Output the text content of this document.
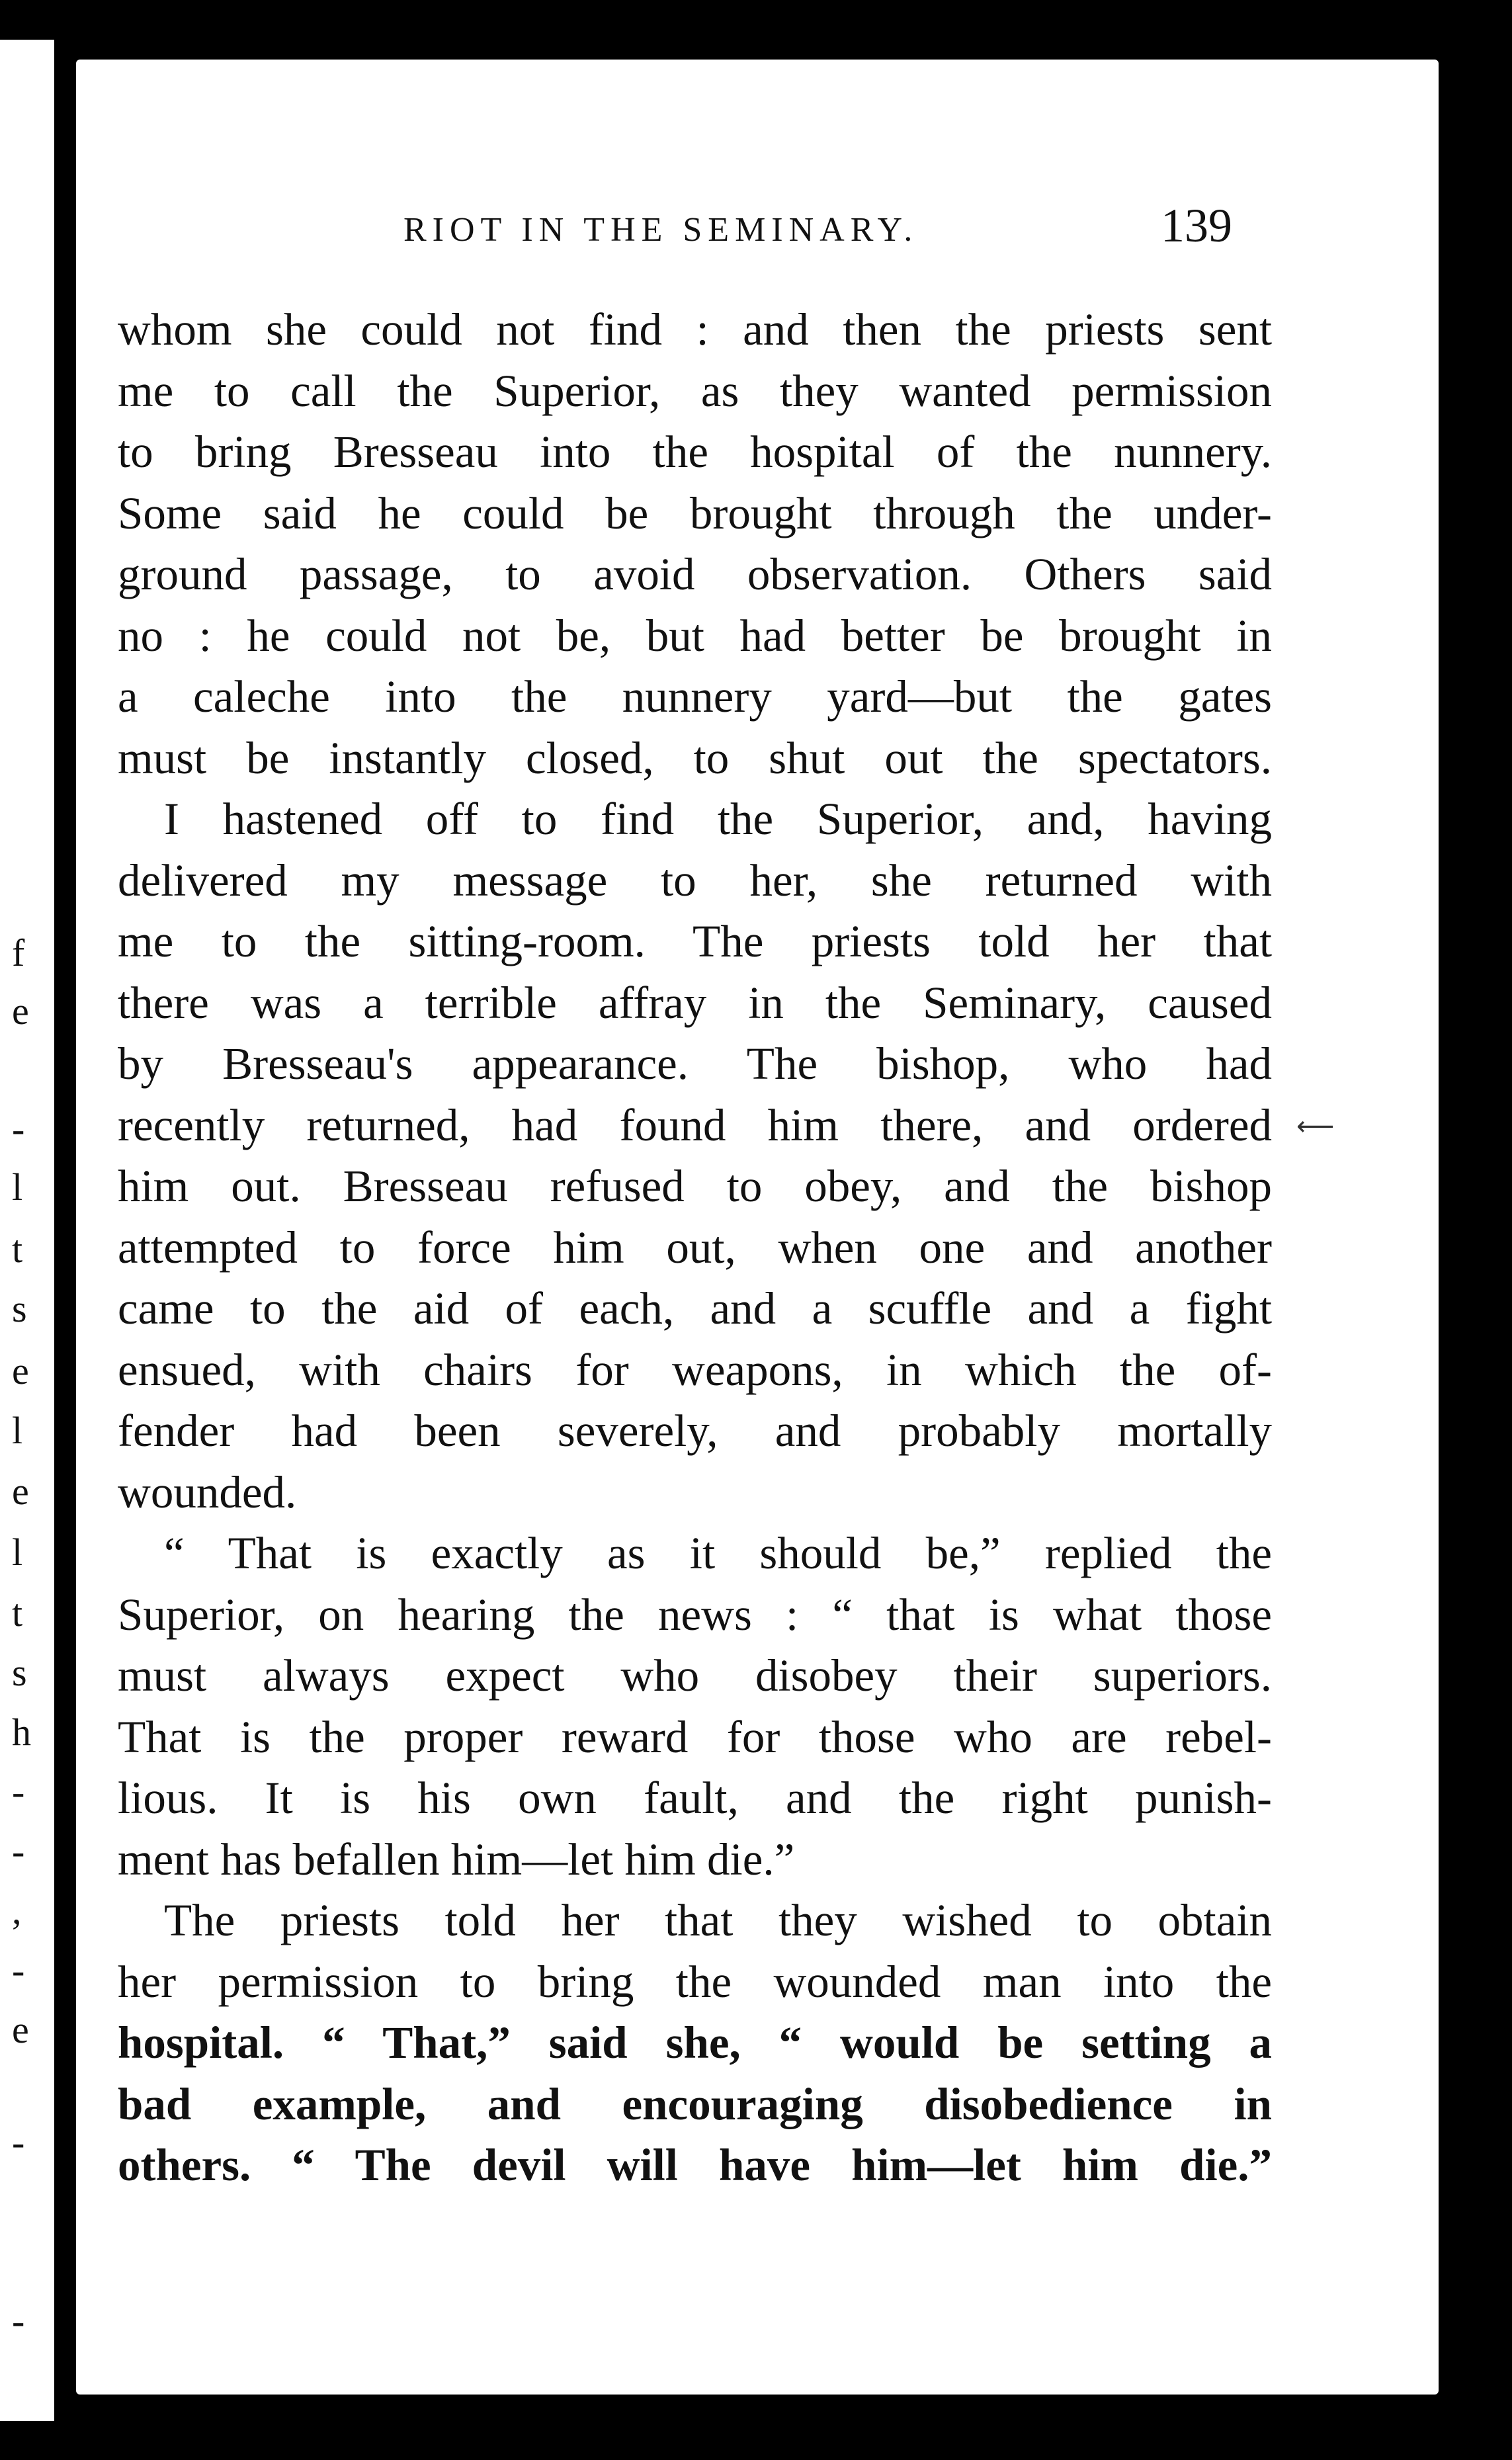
f
e
-
l
t
s
e
l
e
l
t
s
h
-
-
,
-
e
-
-
RIOT IN THE SEMINARY.	139
⟵
whom she could not find : and then the priests sent
me to call the Superior, as they wanted permission
to bring Bresseau into the hospital of the nunnery.
Some said he could be brought through the under-
ground passage, to avoid observation. Others said
no : he could not be, but had better be brought in
a caleche into the nunnery yard—but the gates
must be instantly closed, to shut out the spectators.
I hastened off to find the Superior, and, having
delivered my message to her, she returned with
me to the sitting-room. The priests told her that
there was a terrible affray in the Seminary, caused
by Bresseau's appearance. The bishop, who had
recently returned, had found him there, and ordered
him out. Bresseau refused to obey, and the bishop
attempted to force him out, when one and another
came to the aid of each, and a scuffle and a fight
ensued, with chairs for weapons, in which the of-
fender had been severely, and probably mortally
wounded.
“ That is exactly as it should be,” replied the
Superior, on hearing the news : “ that is what those
must always expect who disobey their superiors.
That is the proper reward for those who are rebel-
lious. It is his own fault, and the right punish-
ment has befallen him—let him die.”
The priests told her that they wished to obtain
her permission to bring the wounded man into the
hospital. “ That,” said she, “ would be setting a
bad example, and encouraging disobedience in
others. “ The devil will have him—let him die.”
